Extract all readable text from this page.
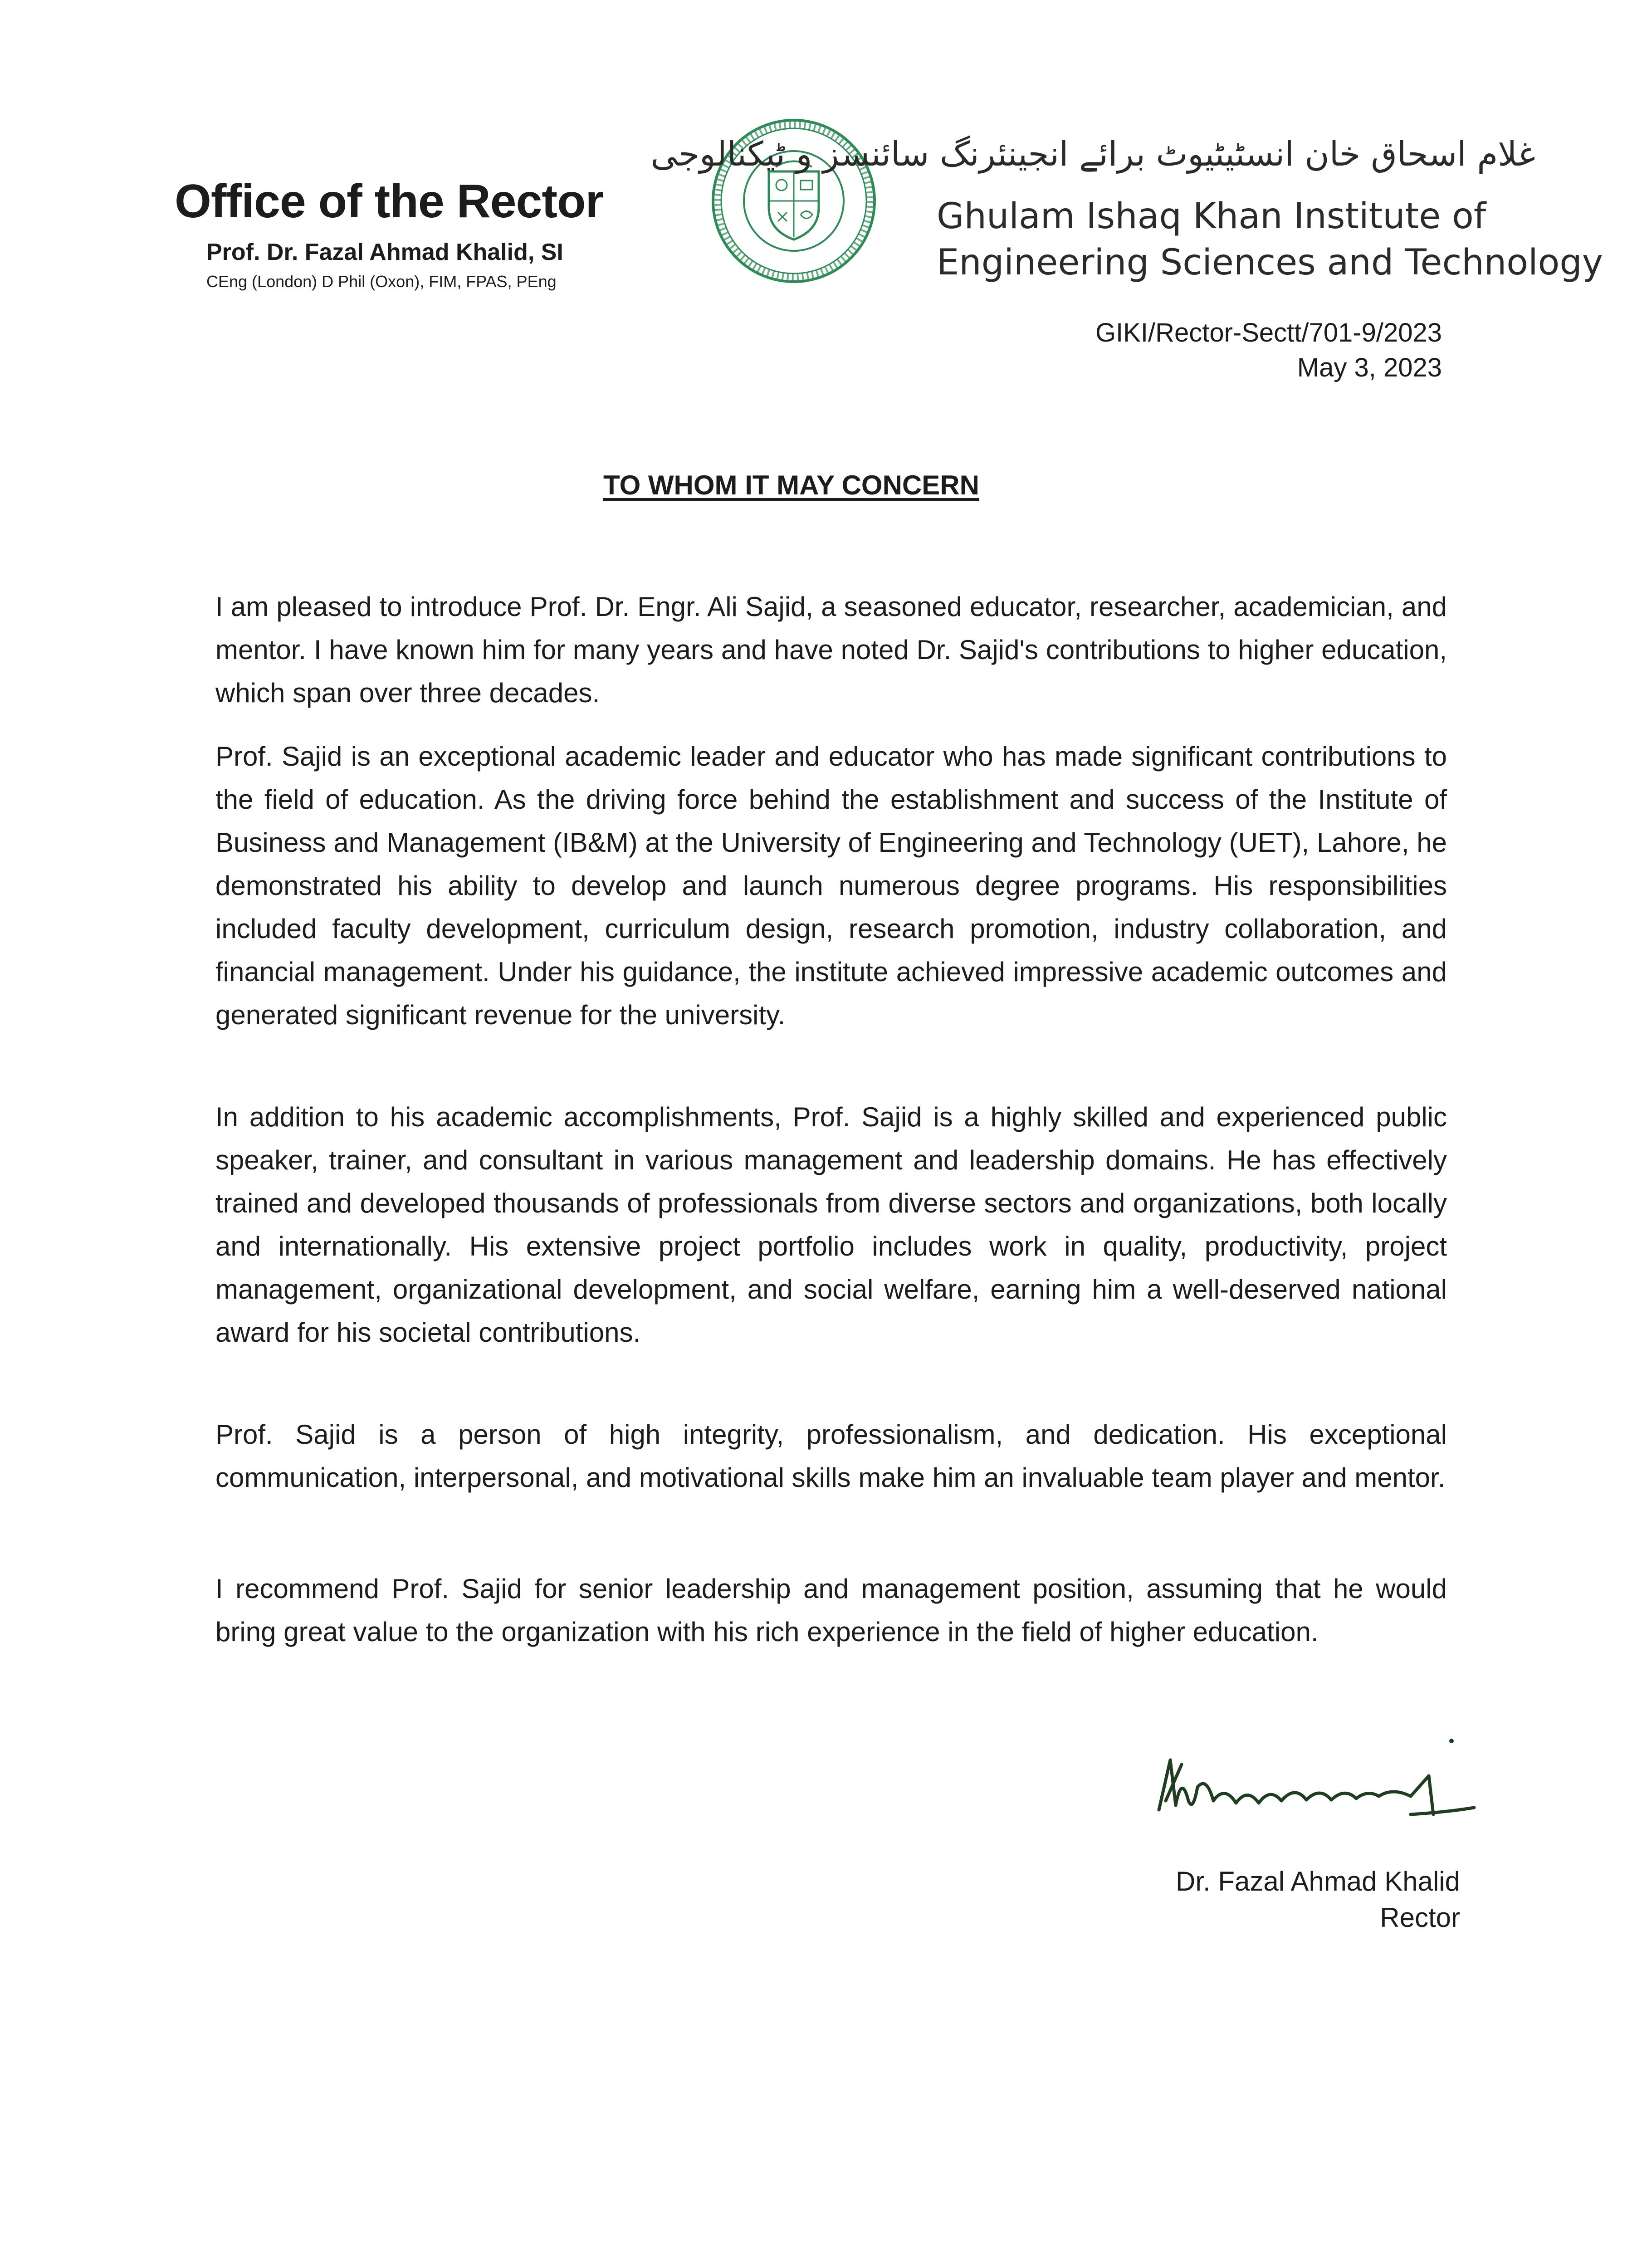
Office of the Rector
Prof. Dr. Fazal Ahmad Khalid, SI
CEng (London) D Phil (Oxon), FIM, FPAS, PEng
غلام اسحاق خان انسٹیٹیوٹ برائے انجینئرنگ سائنسز و ٹیکنالوجی
Ghulam Ishaq Khan Institute of
Engineering Sciences and Technology
GIKI/Rector-Sectt/701-9/2023
May 3, 2023
TO WHOM IT MAY CONCERN

I am pleased to introduce Prof. Dr. Engr. Ali Sajid, a seasoned educator, researcher, academician, and mentor. I have known him for many years and have noted Dr. Sajid's contributions to higher education, which span over three decades.

Prof. Sajid is an exceptional academic leader and educator who has made significant contributions to the field of education. As the driving force behind the establishment and success of the Institute of Business and Management (IB&M) at the University of Engineering and Technology (UET), Lahore, he demonstrated his ability to develop and launch numerous degree programs. His responsibilities included faculty development, curriculum design, research promotion, industry collaboration, and financial management. Under his guidance, the institute achieved impressive academic outcomes and generated significant revenue for the university.

In addition to his academic accomplishments, Prof. Sajid is a highly skilled and experienced public speaker, trainer, and consultant in various management and leadership domains. He has effectively trained and developed thousands of professionals from diverse sectors and organizations, both locally and internationally. His extensive project portfolio includes work in quality, productivity, project management, organizational development, and social welfare, earning him a well-deserved national award for his societal contributions.

Prof. Sajid is a person of high integrity, professionalism, and dedication. His exceptional communication, interpersonal, and motivational skills make him an invaluable team player and mentor.

I recommend Prof. Sajid for senior leadership and management position, assuming that he would bring great value to the organization with his rich experience in the field of higher education.

Dr. Fazal Ahmad Khalid
Rector
